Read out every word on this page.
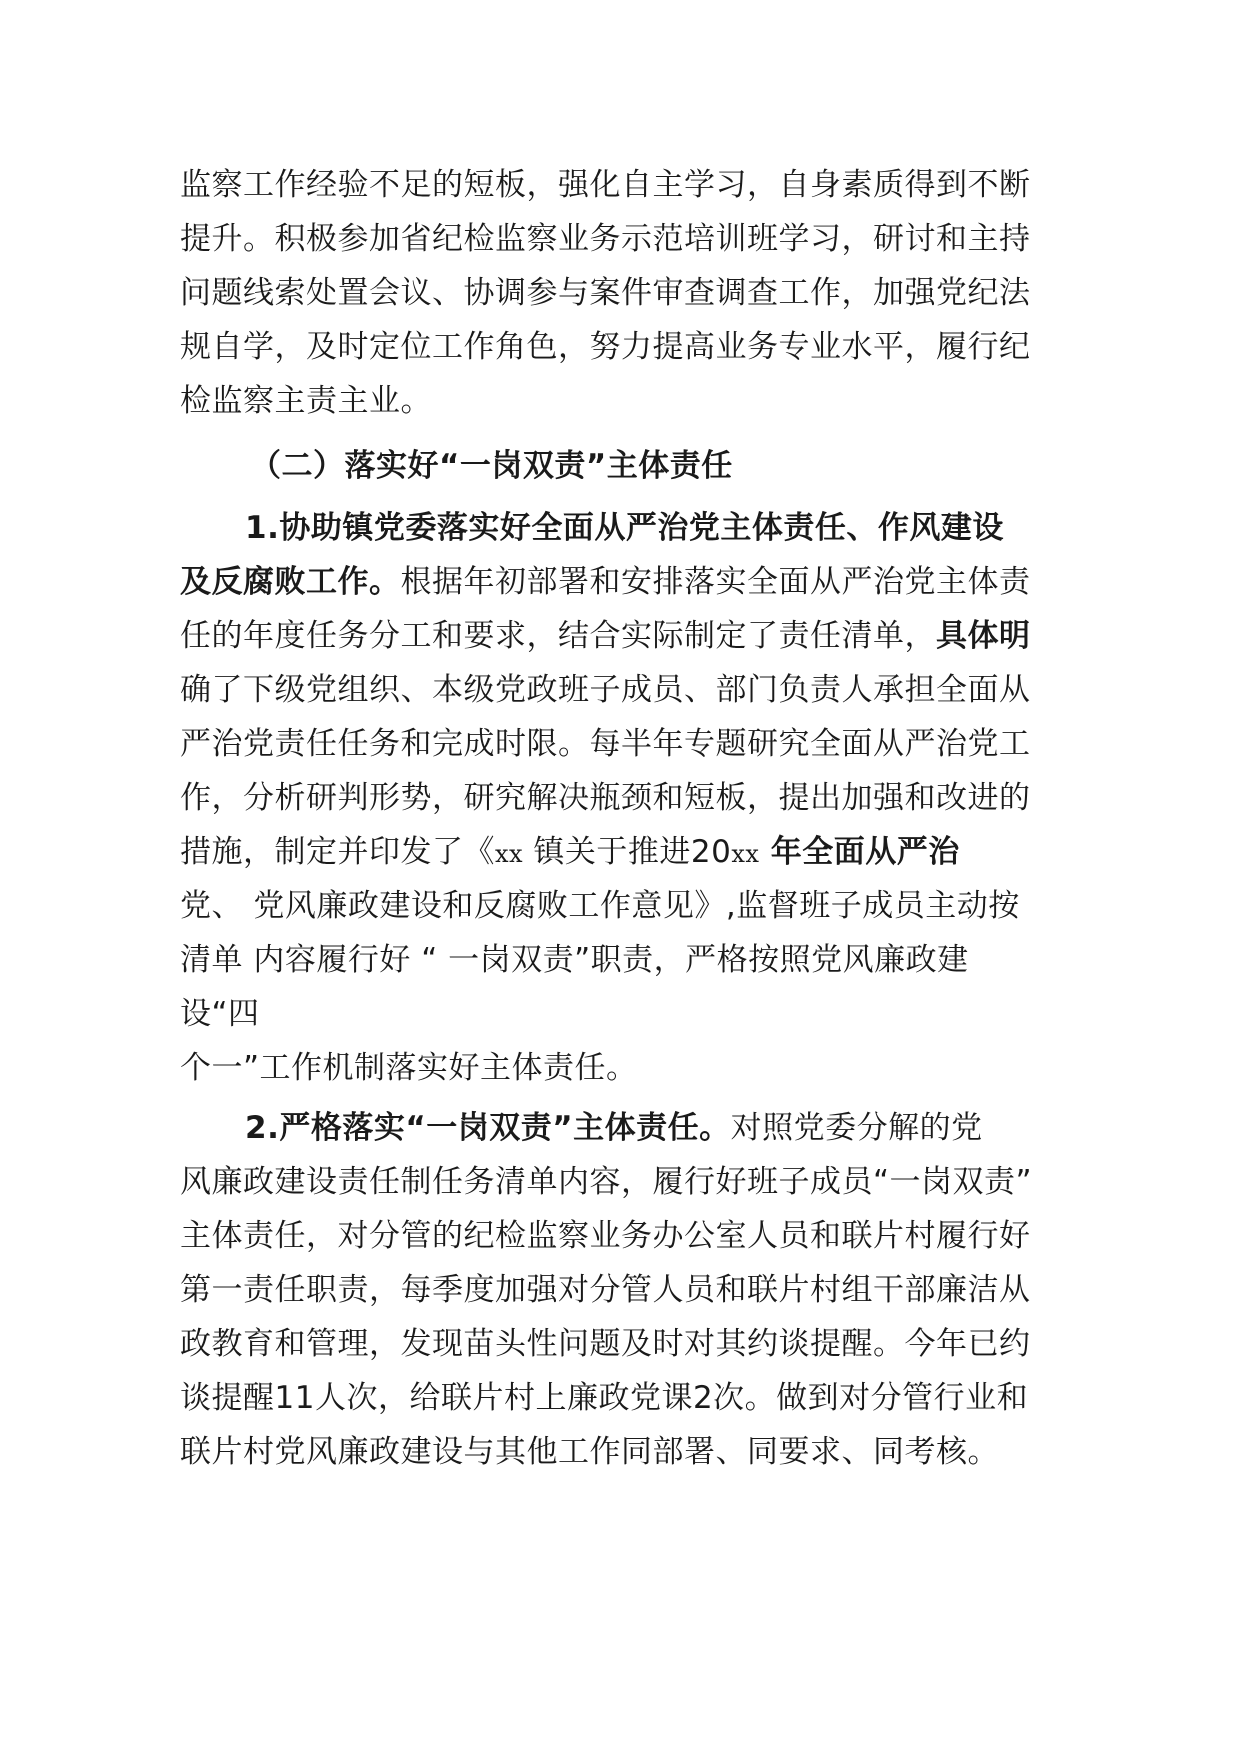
监察工作经验不足的短板，强化自主学习，自身素质得到不断
提升。积极参加省纪检监察业务示范培训班学习，研讨和主持
问题线索处置会议、协调参与案件审查调查工作，加强党纪法
规自学，及时定位工作角色，努力提高业务专业水平，履行纪
检监察主责主业。
（二）落实好“一岗双责”主体责任
1.协助镇党委落实好全面从严治党主体责任、作风建设
及反腐败工作。根据年初部署和安排落实全面从严治党主体责
任的年度任务分工和要求，结合实际制定了责任清单，具体明
确了下级党组织、本级党政班子成员、部门负责人承担全面从
严治党责任任务和完成时限。每半年专题研究全面从严治党工
作，分析研判形势，研究解决瓶颈和短板，提出加强和改进的
措施，制定并印发了《xx 镇关于推进20xx 年全面从严治
党、 党风廉政建设和反腐败工作意见》,监督班子成员主动按
清单 内容履行好 “ 一岗双责”职责，严格按照党风廉政建
设“四
个一”工作机制落实好主体责任。
2.严格落实“一岗双责”主体责任。对照党委分解的党
风廉政建设责任制任务清单内容，履行好班子成员“一岗双责”
主体责任，对分管的纪检监察业务办公室人员和联片村履行好
第一责任职责，每季度加强对分管人员和联片村组干部廉洁从
政教育和管理，发现苗头性问题及时对其约谈提醒。今年已约
谈提醒11人次，给联片村上廉政党课2次。做到对分管行业和
联片村党风廉政建设与其他工作同部署、同要求、同考核。
